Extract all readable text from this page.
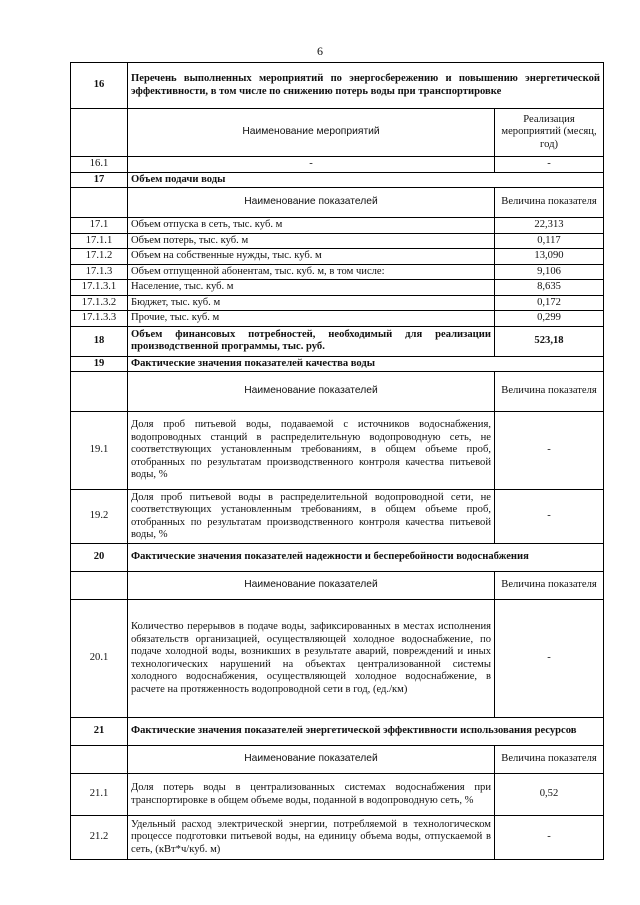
6
16	Перечень выполненных мероприятий по энергосбережению и повышению энергетической эффективности, в том числе по снижению потерь воды при транспортировке	
	Наименование мероприятий	Реализация мероприятий (месяц, год)
16.1	-	-
17	Объем подачи воды	
	Наименование показателей	Величина показателя
17.1	Объем отпуска в сеть, тыс. куб. м	22,313
17.1.1	Объем потерь, тыс. куб. м	0,117
17.1.2	Объем на собственные нужды, тыс. куб. м	13,090
17.1.3	Объем отпущенной абонентам, тыс. куб. м, в том числе:	9,106
17.1.3.1	Население, тыс. куб. м	8,635
17.1.3.2	Бюджет, тыс. куб. м	0,172
17.1.3.3	Прочие, тыс. куб. м	0,299
18	Объем финансовых потребностей, необходимый для реализации производственной программы, тыс. руб.	523,18
19	Фактические значения показателей качества воды	
	Наименование показателей	Величина показателя
19.1	Доля проб питьевой воды, подаваемой с источников водоснабжения, водопроводных станций в распределительную водопроводную сеть, не соответствующих установленным требованиям, в общем объеме проб, отобранных по результатам производственного контроля качества питьевой воды, %	-
19.2	Доля проб питьевой воды в распределительной водопроводной сети, не соответствующих установленным требованиям, в общем объеме проб, отобранных по результатам производственного контроля качества питьевой воды, %	-
20	Фактические значения показателей надежности и бесперебойности водоснабжения	
	Наименование показателей	Величина показателя
20.1	Количество перерывов в подаче воды, зафиксированных в местах исполнения обязательств организацией, осуществляющей холодное водоснабжение, по подаче холодной воды, возникших в результате аварий, повреждений и иных технологических нарушений на объектах централизованной системы холодного водоснабжения, осуществляющей холодное водоснабжение, в расчете на протяженность водопроводной сети в год, (ед./км)	-
21	Фактические значения показателей энергетической эффективности использования ресурсов	
	Наименование показателей	Величина показателя
21.1	Доля потерь воды в централизованных системах водоснабжения при транспортировке в общем объеме воды, поданной в водопроводную сеть, %	0,52
21.2	Удельный расход электрической энергии, потребляемой в технологическом процессе подготовки питьевой воды, на единицу объема воды, отпускаемой в сеть, (кВт*ч/куб. м)	-
